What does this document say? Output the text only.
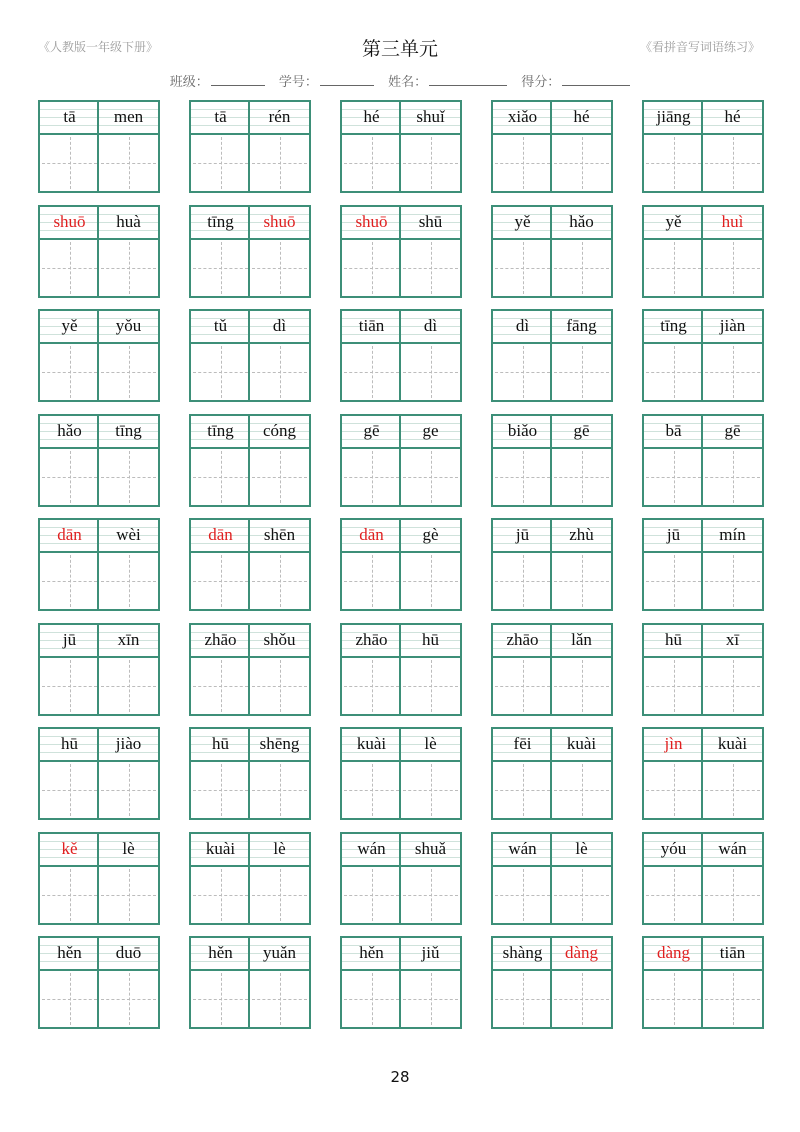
《人教版一年级下册》	第三单元	《看拼音写词语练习》
班级：	学号：	姓名：	得分：
tā	men	tā	rén	hé	shuǐ	xiǎo	hé	jiāng	hé
shuō	huà	tīng	shuō	shuō	shū	yě	hǎo	yě	huì
yě	yǒu	tǔ	dì	tiān	dì	dì	fāng	tīng	jiàn
hǎo	tīng	tīng	cóng	gē	ge	biǎo	gē	bā	gē
dān	wèi	dān	shēn	dān	gè	jū	zhù	jū	mín
jū	xīn	zhāo	shǒu	zhāo	hū	zhāo	lǎn	hū	xī
hū	jiào	hū	shēng	kuài	lè	fēi	kuài	jìn	kuài
kě	lè	kuài	lè	wán	shuǎ	wán	lè	yóu	wán
hěn	duō	hěn	yuǎn	hěn	jiǔ	shàng	dàng	dàng	tiān
28
